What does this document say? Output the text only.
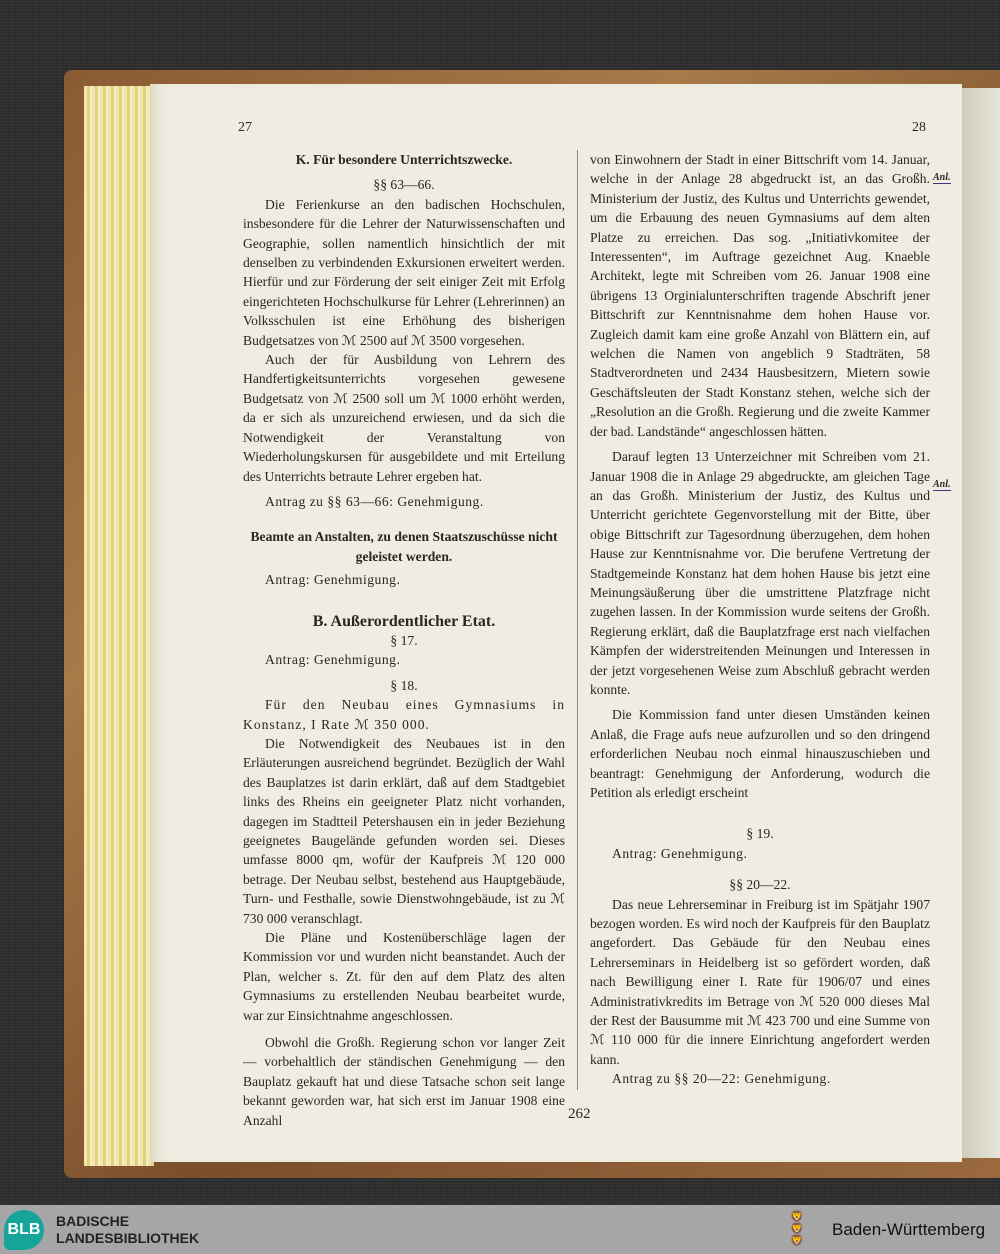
27	28
262
Anl.
Anl.

K. Für besondere Unterrichtszwecke.

§§ 63—66.

Die Ferienkurse an den badischen Hochschulen, insbesondere für die Lehrer der Naturwissenschaften und Geographie, sollen namentlich hinsichtlich der mit denselben zu verbindenden Exkursionen erweitert werden. Hierfür und zur Förderung der seit einiger Zeit mit Erfolg eingerichteten Hochschulkurse für Lehrer (Lehrerinnen) an Volksschulen ist eine Erhöhung des bisherigen Budgetsatzes von ℳ 2500 auf ℳ 3500 vorgesehen.

Auch der für Ausbildung von Lehrern des Handfertigkeitsunterrichts vorgesehen gewesene Budgetsatz von ℳ 2500 soll um ℳ 1000 erhöht werden, da er sich als unzureichend erwiesen, und da sich die Notwendigkeit der Veranstaltung von Wiederholungskursen für ausgebildete und mit Erteilung des Unterrichts betraute Lehrer ergeben hat.

Antrag zu §§ 63—66: Genehmigung.

Beamte an Anstalten, zu denen Staatszuschüsse nicht geleistet werden.

Antrag: Genehmigung.

B. Außerordentlicher Etat.

§ 17.

Antrag: Genehmigung.

§ 18.

Für den Neubau eines Gymnasiums in Konstanz, I Rate ℳ 350 000.

Die Notwendigkeit des Neubaues ist in den Erläuterungen ausreichend begründet. Bezüglich der Wahl des Bauplatzes ist darin erklärt, daß auf dem Stadtgebiet links des Rheins ein geeigneter Platz nicht vorhanden, dagegen im Stadtteil Petershausen ein in jeder Beziehung geeignetes Baugelände gefunden worden sei. Dieses umfasse 8000 qm, wofür der Kaufpreis ℳ 120 000 betrage. Der Neubau selbst, bestehend aus Hauptgebäude, Turn- und Festhalle, sowie Dienstwohngebäude, ist zu ℳ 730 000 veranschlagt.

Die Pläne und Kostenüberschläge lagen der Kommission vor und wurden nicht beanstandet. Auch der Plan, welcher s. Zt. für den auf dem Platz des alten Gymnasiums zu erstellenden Neubau bearbeitet wurde, war zur Einsichtnahme angeschlossen.

Obwohl die Großh. Regierung schon vor langer Zeit — vorbehaltlich der ständischen Genehmigung — den Bauplatz gekauft hat und diese Tatsache schon seit lange bekannt geworden war, hat sich erst im Januar 1908 eine Anzahl

von Einwohnern der Stadt in einer Bittschrift vom 14. Januar, welche in der Anlage 28 abgedruckt ist, an das Großh. Ministerium der Justiz, des Kultus und Unterrichts gewendet, um die Erbauung des neuen Gymnasiums auf dem alten Platze zu erreichen. Das sog. „Initiativkomitee der Interessenten“, im Auftrage gezeichnet Aug. Knaeble Architekt, legte mit Schreiben vom 26. Januar 1908 eine übrigens 13 Orginialunterschriften tragende Abschrift jener Bittschrift zur Kenntnisnahme dem hohen Hause vor. Zugleich damit kam eine große Anzahl von Blättern ein, auf welchen die Namen von angeblich 9 Stadträten, 58 Stadtverordneten und 2434 Hausbesitzern, Mietern sowie Geschäftsleuten der Stadt Konstanz stehen, welche sich der „Resolution an die Großh. Regierung und die zweite Kammer der bad. Landstände“ angeschlossen hätten.

Darauf legten 13 Unterzeichner mit Schreiben vom 21. Januar 1908 die in Anlage 29 abgedruckte, am gleichen Tage an das Großh. Ministerium der Justiz, des Kultus und Unterricht gerichtete Gegenvorstellung mit der Bitte, über obige Bittschrift zur Tagesordnung überzugehen, dem hohen Hause zur Kenntnisnahme vor. Die berufene Vertretung der Stadtgemeinde Konstanz hat dem hohen Hause bis jetzt eine Meinungsäußerung über die umstrittene Platzfrage nicht zugehen lassen. In der Kommission wurde seitens der Großh. Regierung erklärt, daß die Bauplatzfrage erst nach vielfachen Kämpfen der widerstreitenden Meinungen und Interessen in der jetzt vorgesehenen Weise zum Abschluß gebracht werden konnte.

Die Kommission fand unter diesen Umständen keinen Anlaß, die Frage aufs neue aufzurollen und so den dringend erforderlichen Neubau noch einmal hinauszuschieben und beantragt: Genehmigung der Anforderung, wodurch die Petition als erledigt erscheint

§ 19.

Antrag: Genehmigung.

§§ 20—22.

Das neue Lehrerseminar in Freiburg ist im Spätjahr 1907 bezogen worden. Es wird noch der Kaufpreis für den Bauplatz angefordert. Das Gebäude für den Neubau eines Lehrerseminars in Heidelberg ist so gefördert worden, daß nach Bewilligung einer I. Rate für 1906/07 und eines Administrativkredits im Betrage von ℳ 520 000 dieses Mal der Rest der Bausumme mit ℳ 423 700 und eine Summe von ℳ 110 000 für die innere Einrichtung angefordert werden kann.

Antrag zu §§ 20—22: Genehmigung.

BLB BADISCHE
LANDESBIBLIOTHEK
🦁
🦁
🦁
Baden-Württemberg
